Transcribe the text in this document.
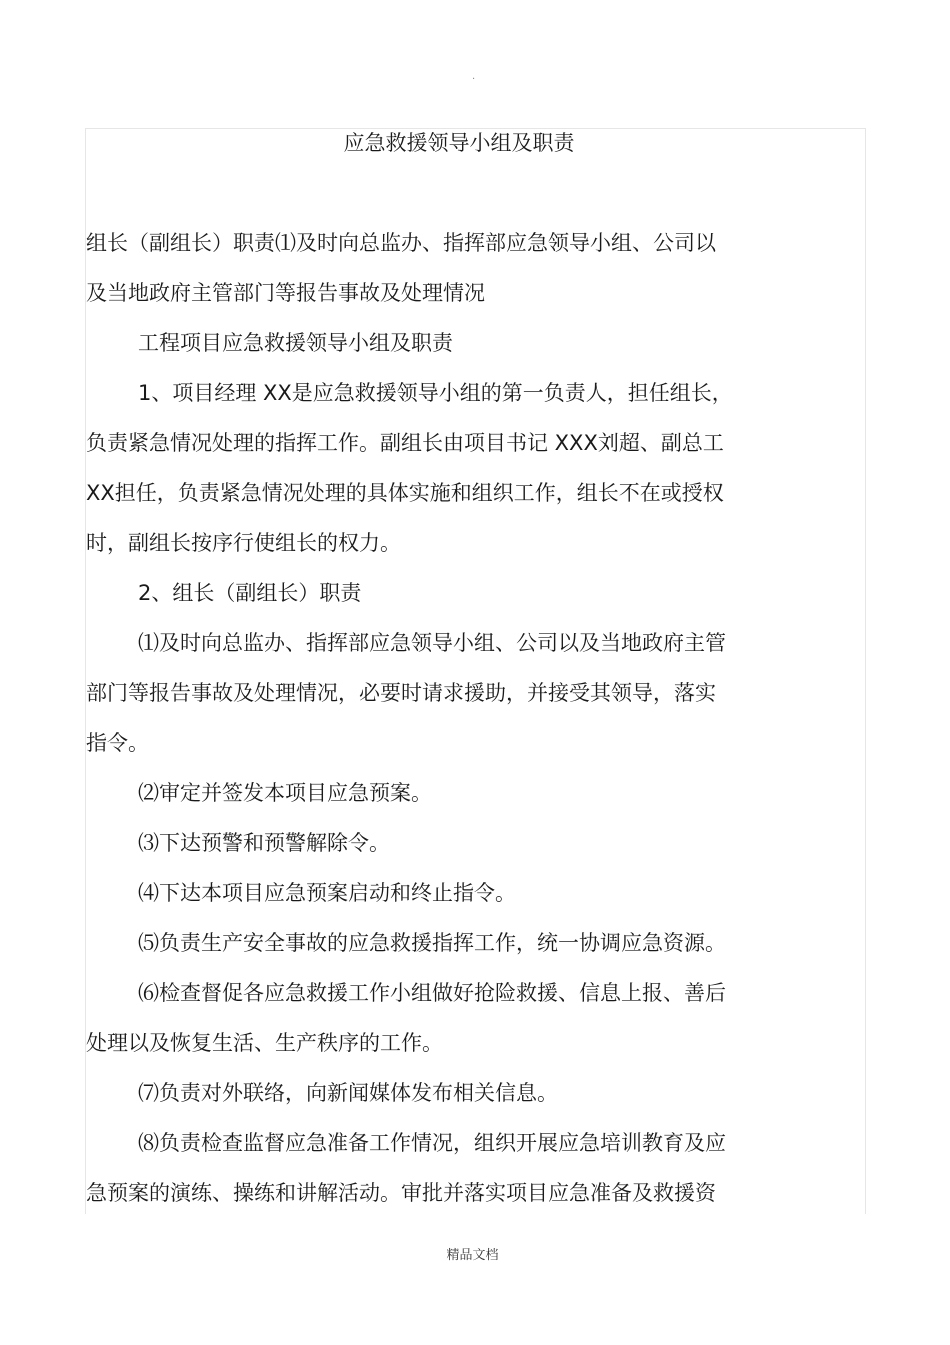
.
应急救援领导小组及职责
组长（副组长）职责⑴及时向总监办、指挥部应急领导小组、公司以
及当地政府主管部门等报告事故及处理情况
工程项目应急救援领导小组及职责
1、项目经理 XX是应急救援领导小组的第一负责人，担任组长，
负责紧急情况处理的指挥工作。副组长由项目书记 XXX刘超、副总工
XX担任，负责紧急情况处理的具体实施和组织工作，组长不在或授权
时，副组长按序行使组长的权力。
2、组长（副组长）职责
⑴及时向总监办、指挥部应急领导小组、公司以及当地政府主管
部门等报告事故及处理情况，必要时请求援助，并接受其领导，落实
指令。
⑵审定并签发本项目应急预案。
⑶下达预警和预警解除令。
⑷下达本项目应急预案启动和终止指令。
⑸负责生产安全事故的应急救援指挥工作，统一协调应急资源。
⑹检查督促各应急救援工作小组做好抢险救援、信息上报、善后
处理以及恢复生活、生产秩序的工作。
⑺负责对外联络，向新闻媒体发布相关信息。
⑻负责检查监督应急准备工作情况，组织开展应急培训教育及应
急预案的演练、操练和讲解活动。审批并落实项目应急准备及救援资
精品文档
